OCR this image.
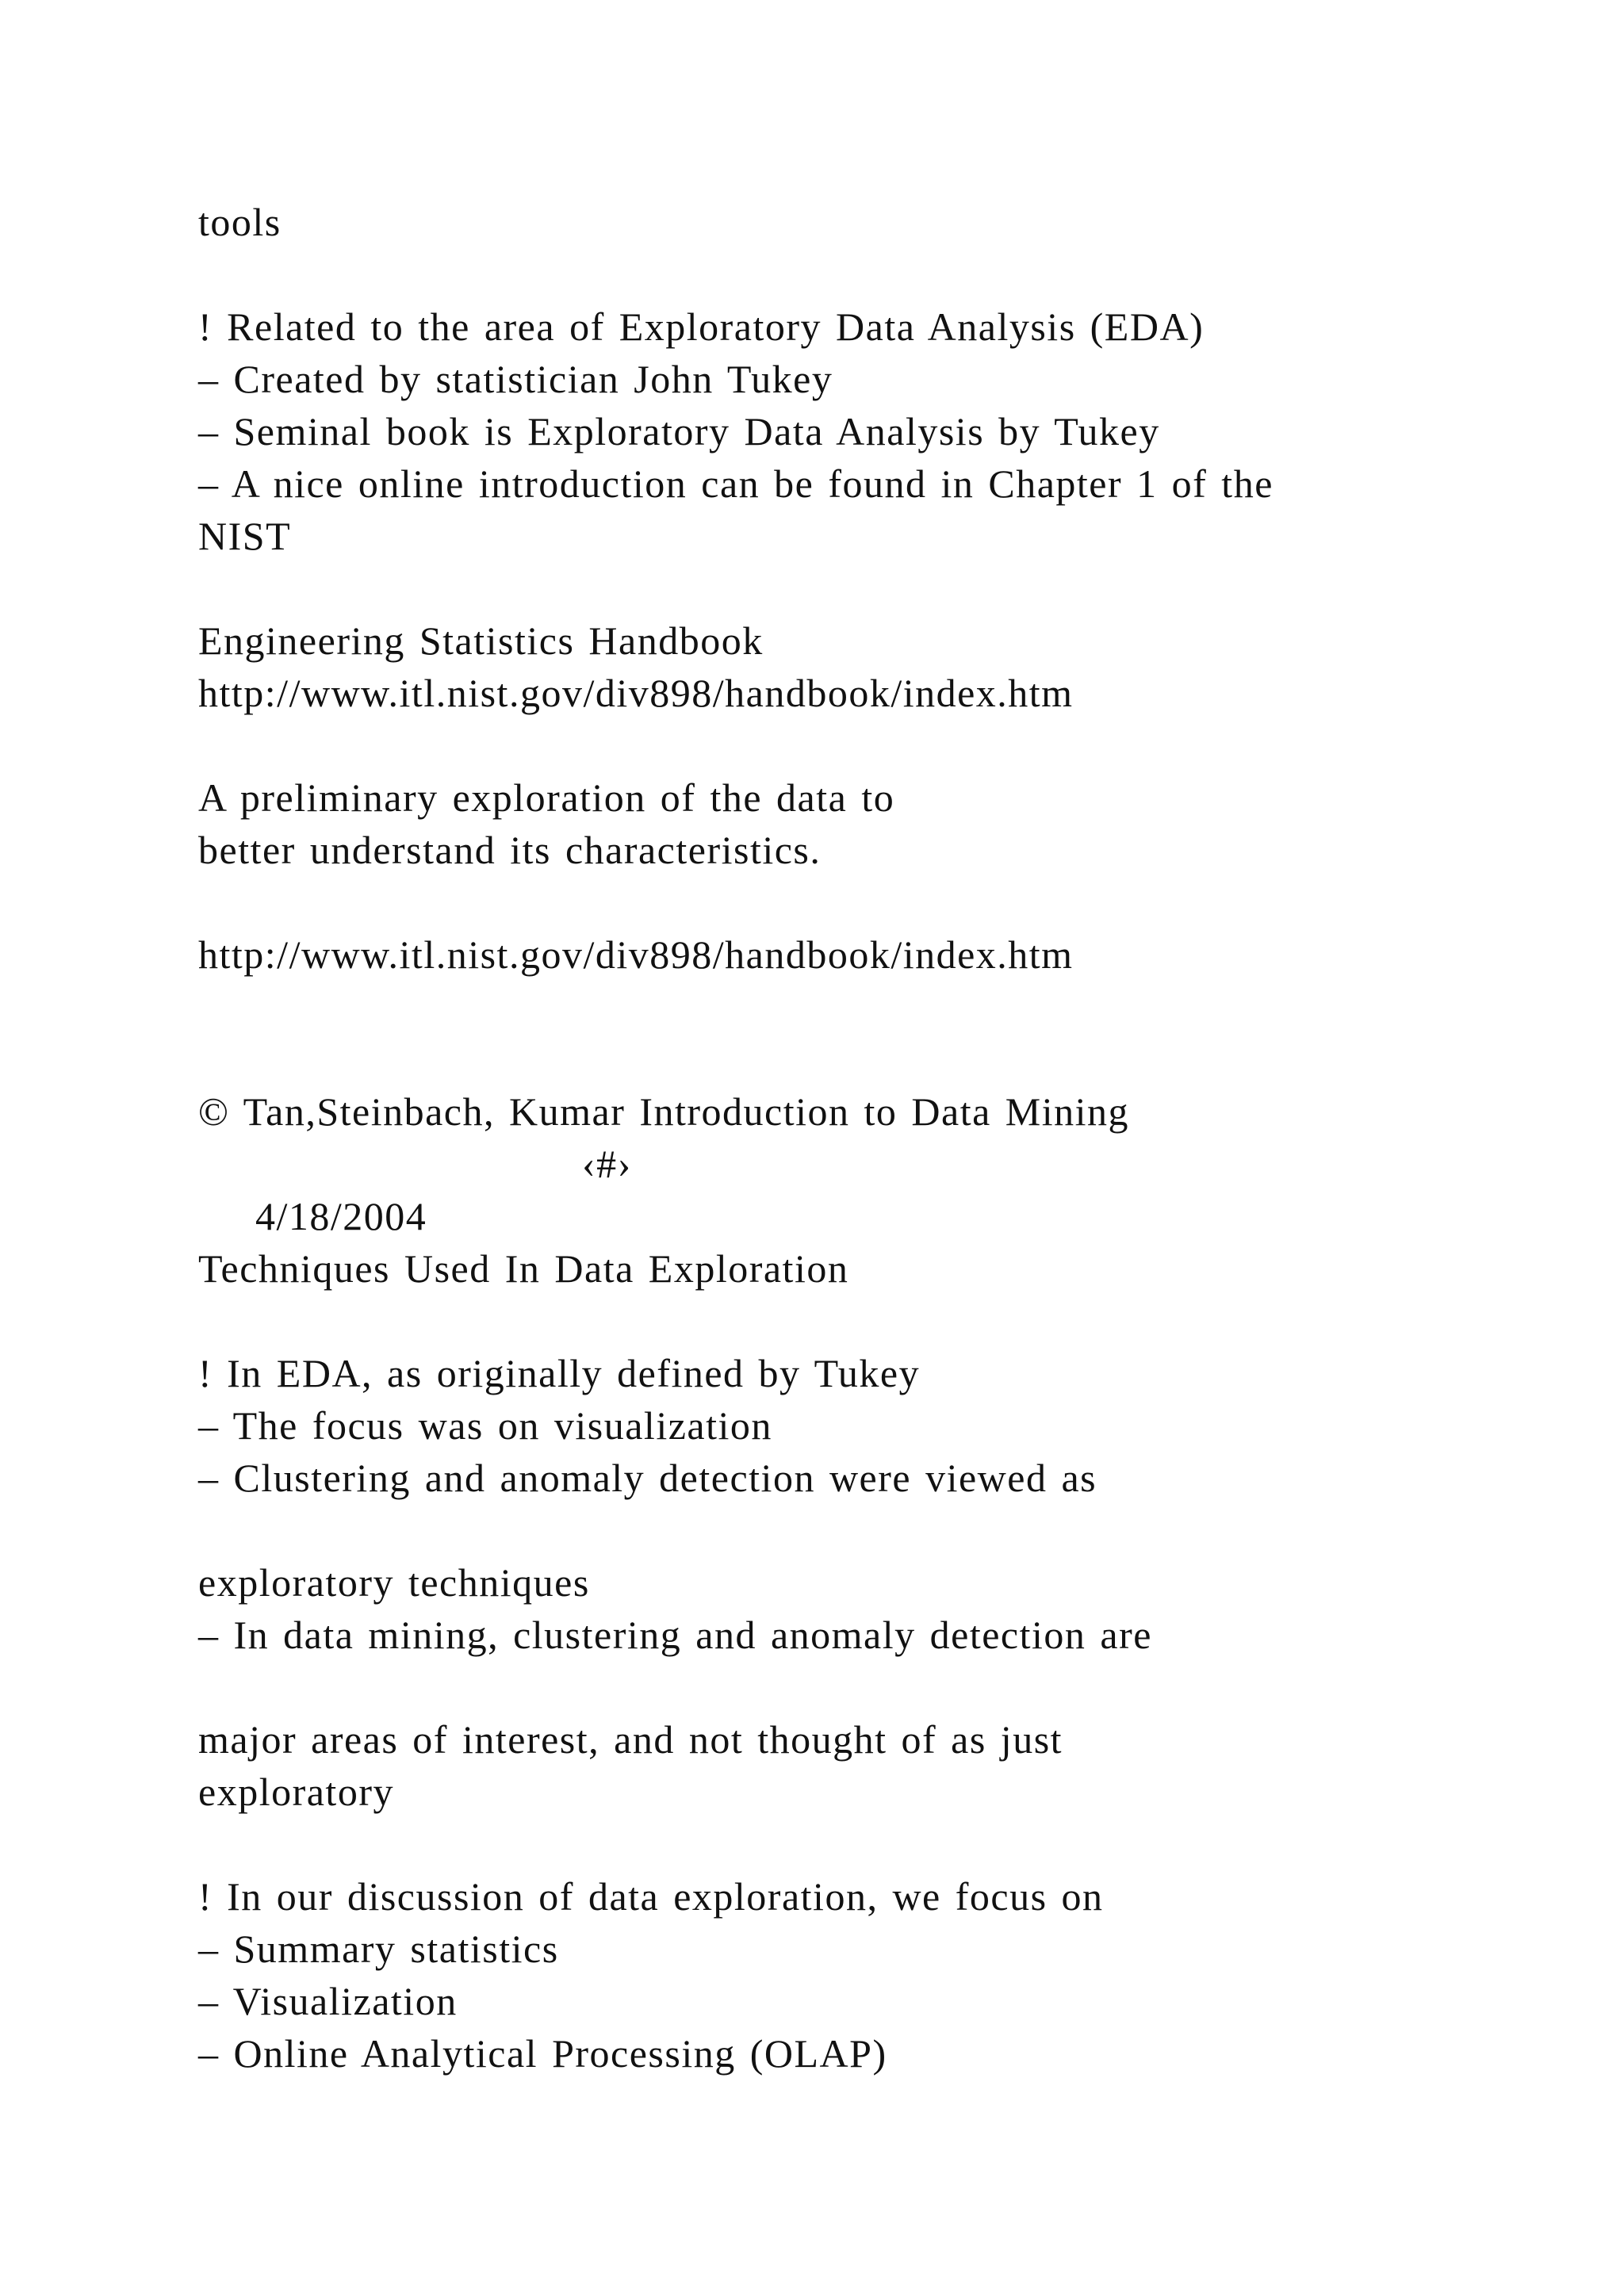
tools
! Related to the area of Exploratory Data Analysis (EDA)
– Created by statistician John Tukey
– Seminal book is Exploratory Data Analysis by Tukey
– A nice online introduction can be found in Chapter 1 of the
NIST
Engineering Statistics Handbook
http://www.itl.nist.gov/div898/handbook/index.htm
A preliminary exploration of the data to
better understand its characteristics.
http://www.itl.nist.gov/div898/handbook/index.htm
© Tan,Steinbach, Kumar Introduction to Data Mining

4/18/2004

‹#›
Techniques Used In Data Exploration
! In EDA, as originally defined by Tukey
– The focus was on visualization
– Clustering and anomaly detection were viewed as
exploratory techniques
– In data mining, clustering and anomaly detection are
major areas of interest, and not thought of as just
exploratory
! In our discussion of data exploration, we focus on
– Summary statistics
– Visualization
– Online Analytical Processing (OLAP)
